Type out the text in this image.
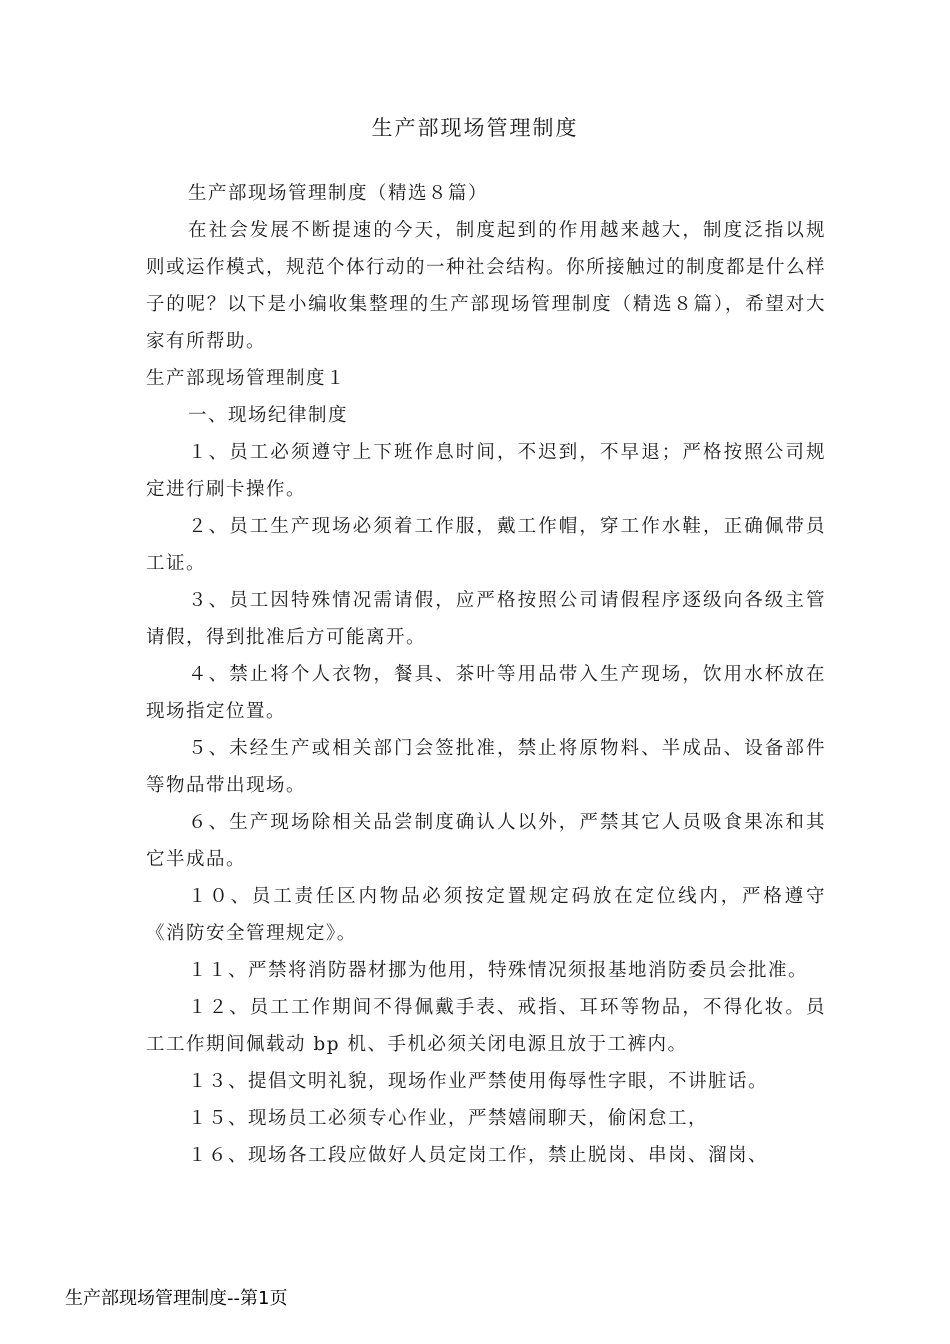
生产部现场管理制度

生产部现场管理制度（精选８篇）

在社会发展不断提速的今天，制度起到的作用越来越大，制度泛指以规则或运作模式，规范个体行动的一种社会结构。你所接触过的制度都是什么样子的呢？以下是小编收集整理的生产部现场管理制度（精选８篇），希望对大家有所帮助。

生产部现场管理制度１

一、现场纪律制度

１、员工必须遵守上下班作息时间，不迟到，不早退；严格按照公司规定进行刷卡操作。

２、员工生产现场必须着工作服，戴工作帽，穿工作水鞋，正确佩带员工证。

３、员工因特殊情况需请假，应严格按照公司请假程序逐级向各级主管请假，得到批准后方可能离开。

４、禁止将个人衣物，餐具、茶叶等用品带入生产现场，饮用水杯放在现场指定位置。

５、未经生产或相关部门会签批准，禁止将原物料、半成品、设备部件等物品带出现场。

６、生产现场除相关品尝制度确认人以外，严禁其它人员吸食果冻和其它半成品。

１０、员工责任区内物品必须按定置规定码放在定位线内，严格遵守《消防安全管理规定》。

１１、严禁将消防器材挪为他用，特殊情况须报基地消防委员会批准。

１２、员工工作期间不得佩戴手表、戒指、耳环等物品，不得化妆。员工工作期间佩载动 bp 机、手机必须关闭电源且放于工裤内。

１３、提倡文明礼貌，现场作业严禁使用侮辱性字眼，不讲脏话。

１５、现场员工必须专心作业，严禁嬉闹聊天，偷闲怠工，

１６、现场各工段应做好人员定岗工作，禁止脱岗、串岗、溜岗、

生产部现场管理制度--第1页
